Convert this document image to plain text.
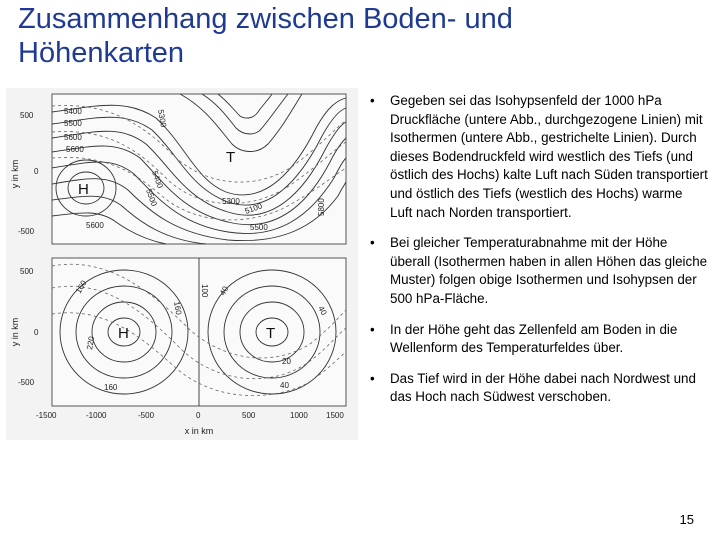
Zusammenhang zwischen Boden- und Höhenkarten
500
0
-500
5400
5500
5600
5300
5400
5500
5600
5300 5100
5500
5600
5800
y in km
H
T
500
0
-500
-1500	-1000	-500	0	500	1000 1500
160
220
100
160
40
40
20
40
160
y in km
x in km
H	T
• Gegeben sei das Isohypsenfeld der 1000 hPa Druckfläche (untere Abb., durchgezogene Linien) mit Isothermen (untere Abb., gestrichelte Linien). Durch dieses Bodendruckfeld wird westlich des Tiefs (und östlich des Hochs) kalte Luft nach Süden transportiert und östlich des Tiefs (westlich des Hochs) warme Luft nach Norden transportiert.
• Bei gleicher Temperaturabnahme mit der Höhe überall (Isothermen haben in allen Höhen das gleiche Muster) folgen obige Isothermen und Isohypsen der 500 hPa-Fläche.
• In der Höhe geht das Zellenfeld am Boden in die Wellenform des Temperaturfeldes über.
• Das Tief wird in der Höhe dabei nach Nordwest und das Hoch nach Südwest verschoben.
15
